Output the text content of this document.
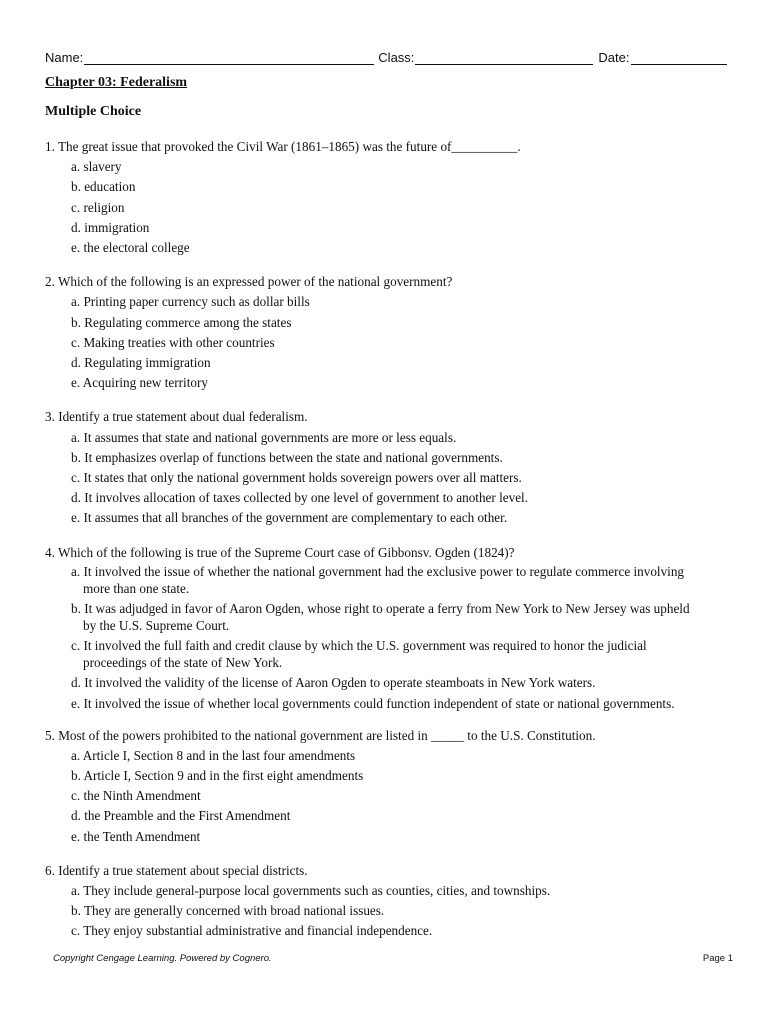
Name:	Class:	Date:
Chapter 03: Federalism
Multiple Choice
1. The great issue that provoked the Civil War (1861–1865) was the future of__________.
a. slavery
b. education
c. religion
d. immigration
e. the electoral college
2. Which of the following is an expressed power of the national government?
a. Printing paper currency such as dollar bills
b. Regulating commerce among the states
c. Making treaties with other countries
d. Regulating immigration
e. Acquiring new territory
3. Identify a true statement about dual federalism.
a. It assumes that state and national governments are more or less equals.
b. It emphasizes overlap of functions between the state and national governments.
c. It states that only the national government holds sovereign powers over all matters.
d. It involves allocation of taxes collected by one level of government to another level.
e. It assumes that all branches of the government are complementary to each other.
4. Which of the following is true of the Supreme Court case of Gibbonsv. Ogden (1824)?
a. It involved the issue of whether the national government had the exclusive power to regulate commerce involving more than one state.
b. It was adjudged in favor of Aaron Ogden, whose right to operate a ferry from New York to New Jersey was upheld by the U.S. Supreme Court.
c. It involved the full faith and credit clause by which the U.S. government was required to honor the judicial proceedings of the state of New York.
d. It involved the validity of the license of Aaron Ogden to operate steamboats in New York waters.
e. It involved the issue of whether local governments could function independent of state or national governments.
5. Most of the powers prohibited to the national government are listed in _____ to the U.S. Constitution.
a. Article I, Section 8 and in the last four amendments
b. Article I, Section 9 and in the first eight amendments
c. the Ninth Amendment
d. the Preamble and the First Amendment
e. the Tenth Amendment
6. Identify a true statement about special districts.
a. They include general-purpose local governments such as counties, cities, and townships.
b. They are generally concerned with broad national issues.
c. They enjoy substantial administrative and financial independence.
Copyright Cengage Learning. Powered by Cognero.	Page 1
